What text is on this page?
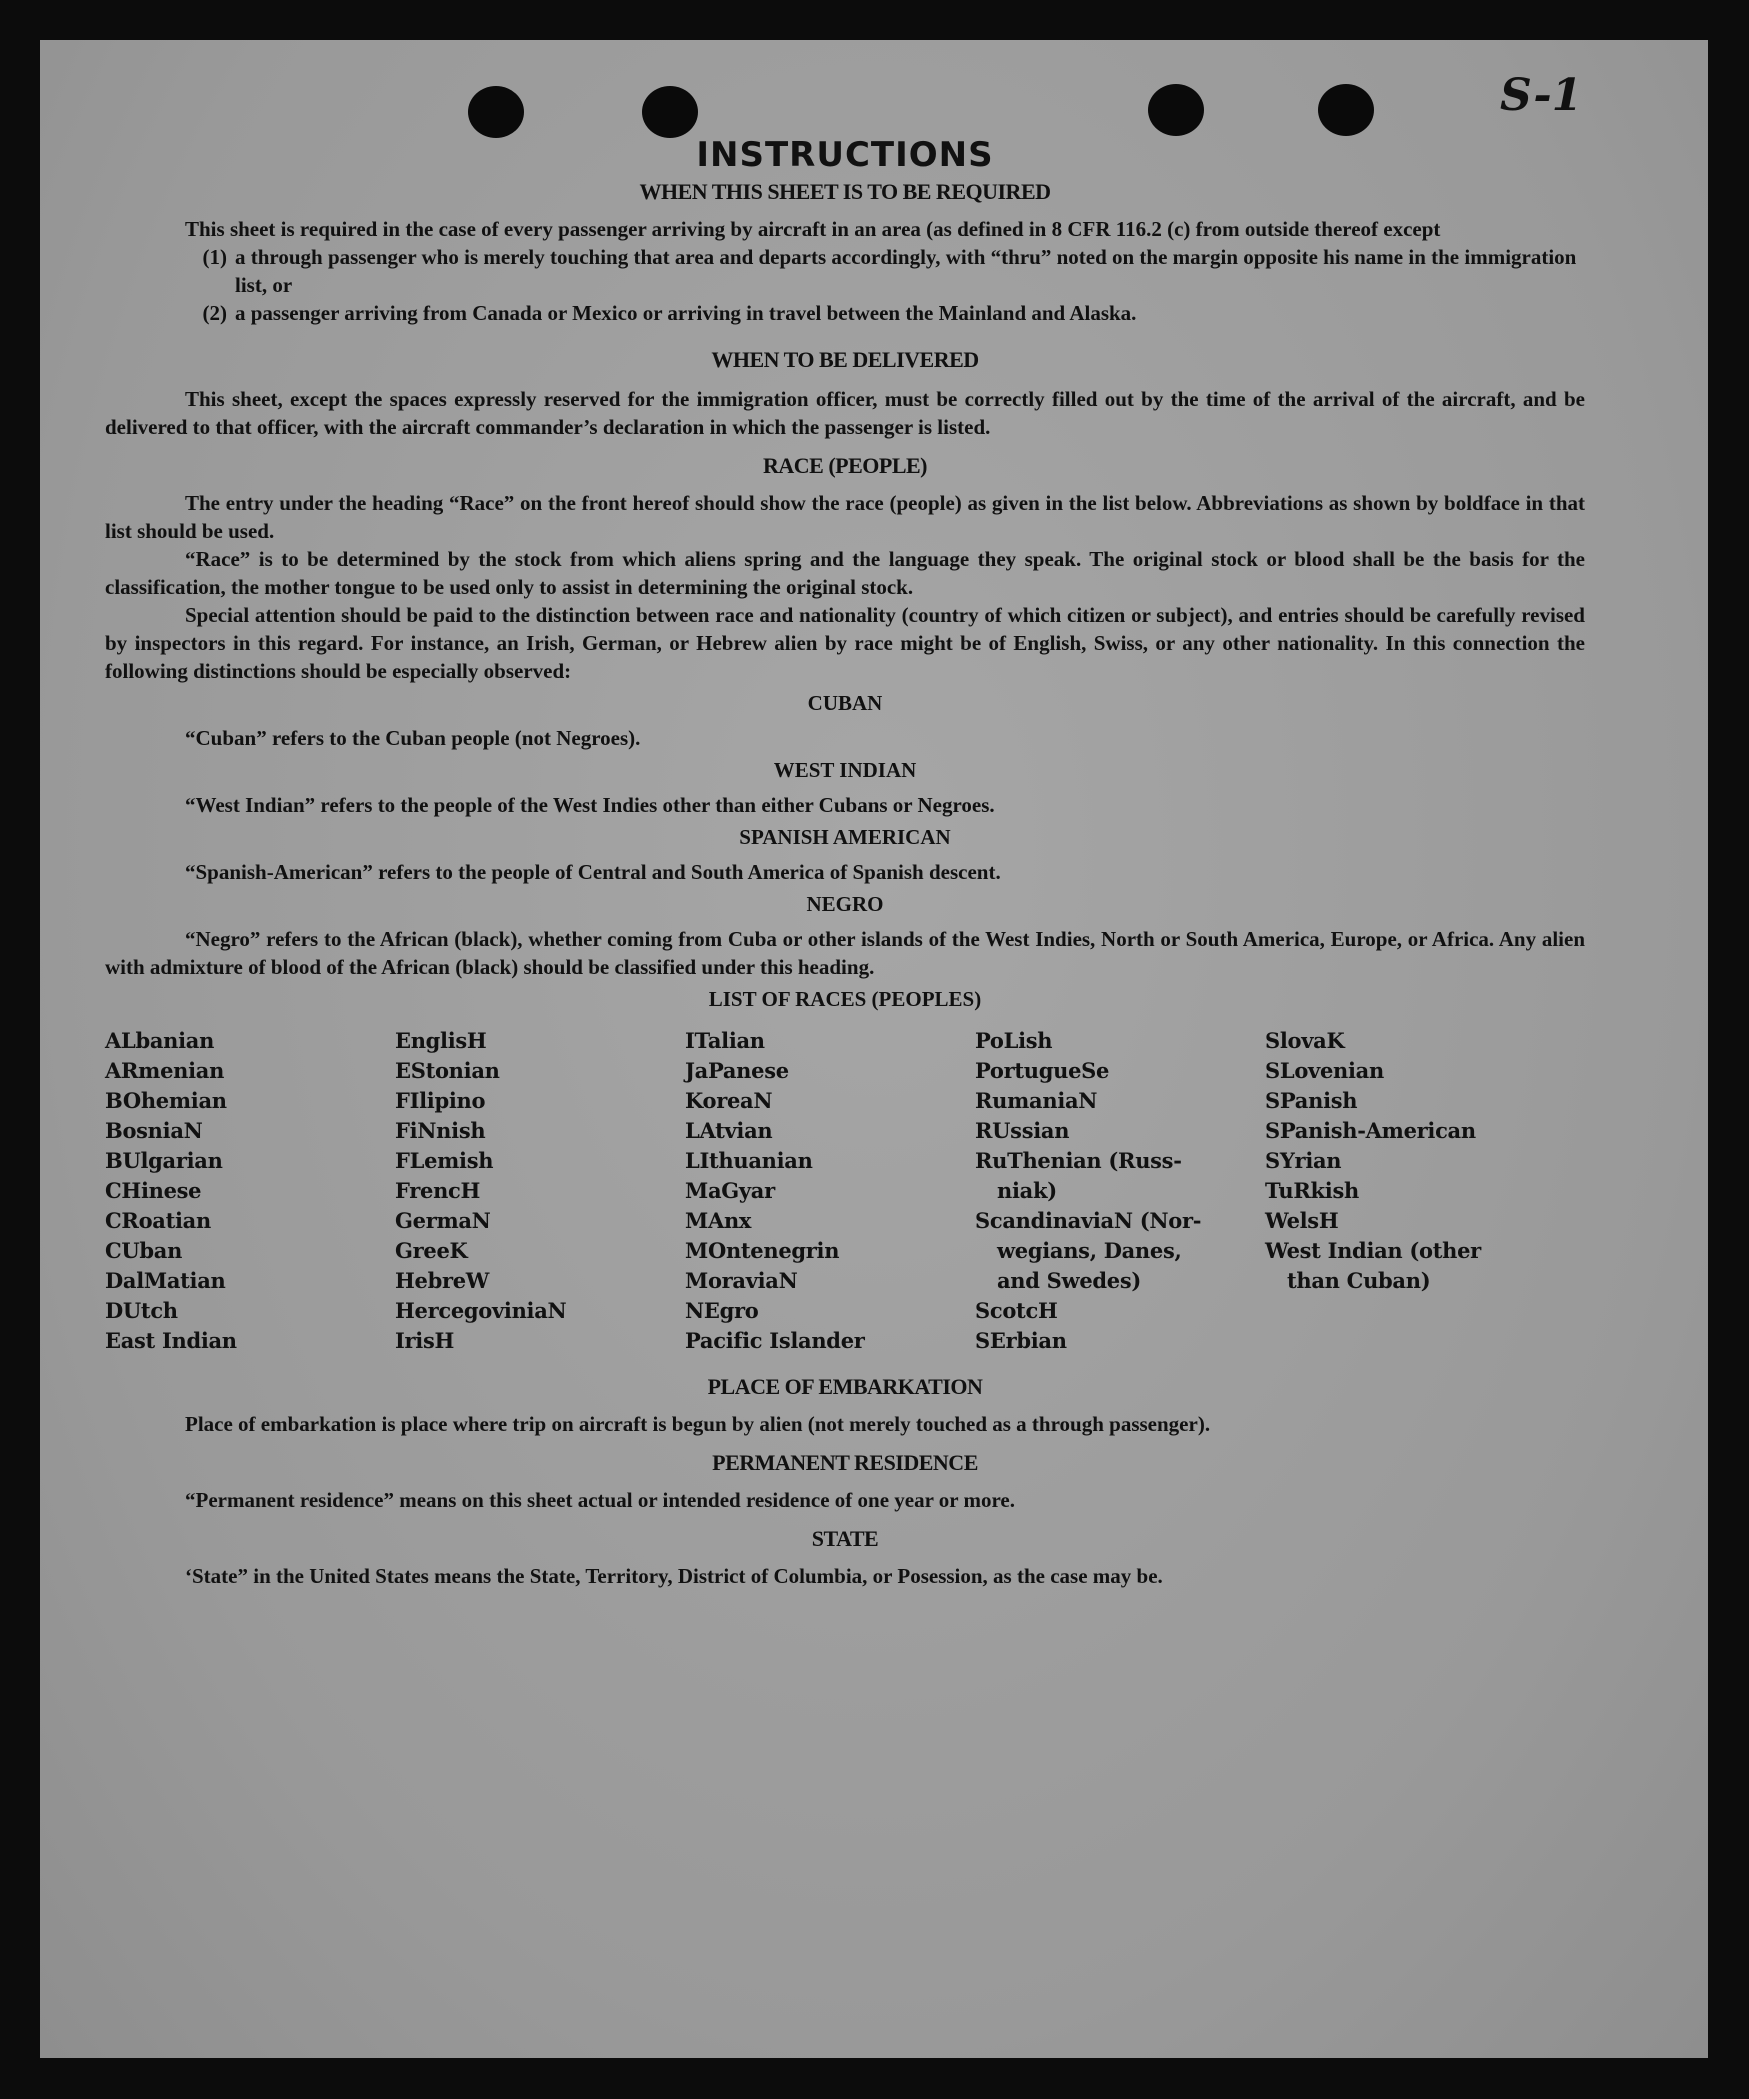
S-1
INSTRUCTIONS
WHEN THIS SHEET IS TO BE REQUIRED

This sheet is required in the case of every passenger arriving by aircraft in an area (as defined in 8 CFR 116.2 (c) from outside thereof except

(1) a through passenger who is merely touching that area and departs accordingly, with “thru” noted on the margin opposite his name in the immigration list, or
(2) a passenger arriving from Canada or Mexico or arriving in travel between the Mainland and Alaska.
WHEN TO BE DELIVERED

This sheet, except the spaces expressly reserved for the immigration officer, must be correctly filled out by the time of the arrival of the aircraft, and be delivered to that officer, with the aircraft commander’s declaration in which the passenger is listed.

RACE (PEOPLE)

The entry under the heading “Race” on the front hereof should show the race (people) as given in the list below. Abbreviations as shown by boldface in that list should be used.

“Race” is to be determined by the stock from which aliens spring and the language they speak. The original stock or blood shall be the basis for the classification, the mother tongue to be used only to assist in determining the original stock.

Special attention should be paid to the distinction between race and nationality (country of which citizen or subject), and entries should be carefully revised by inspectors in this regard. For instance, an Irish, German, or Hebrew alien by race might be of English, Swiss, or any other nationality. In this connection the following distinctions should be especially observed:

CUBAN

“Cuban” refers to the Cuban people (not Negroes).

WEST INDIAN

“West Indian” refers to the people of the West Indies other than either Cubans or Negroes.

SPANISH AMERICAN

“Spanish-American” refers to the people of Central and South America of Spanish descent.

NEGRO

“Negro” refers to the African (black), whether coming from Cuba or other islands of the West Indies, North or South America, Europe, or Africa. Any alien with admixture of blood of the African (black) should be classified under this heading.

LIST OF RACES (PEOPLES)
ALbanian
ARmenian
BOhemian
BosniaN
BUlgarian
CHinese
CRoatian
CUban
DalMatian
DUtch
East Indian
EnglisH
EStonian
FIlipino
FiNnish
FLemish
FrencH
GermaN
GreeK
HebreW
HercegoviniaN
IrisH
ITalian
JaPanese
KoreaN
LAtvian
LIthuanian
MaGyar
MAnx
MOntenegrin
MoraviaN
NEgro
Pacific Islander
PoLish
PortugueSe
RumaniaN
RUssian
RuThenian (Russ-
niak)
ScandinaviaN (Nor-
wegians, Danes,
and Swedes)
ScotcH
SErbian
SlovaK
SLovenian
SPanish
SPanish-American
SYrian
TuRkish
WelsH
West Indian (other
than Cuban)
PLACE OF EMBARKATION

Place of embarkation is place where trip on aircraft is begun by alien (not merely touched as a through passenger).

PERMANENT RESIDENCE

“Permanent residence” means on this sheet actual or intended residence of one year or more.

STATE

‘State” in the United States means the State, Territory, District of Columbia, or Posession, as the case may be.
